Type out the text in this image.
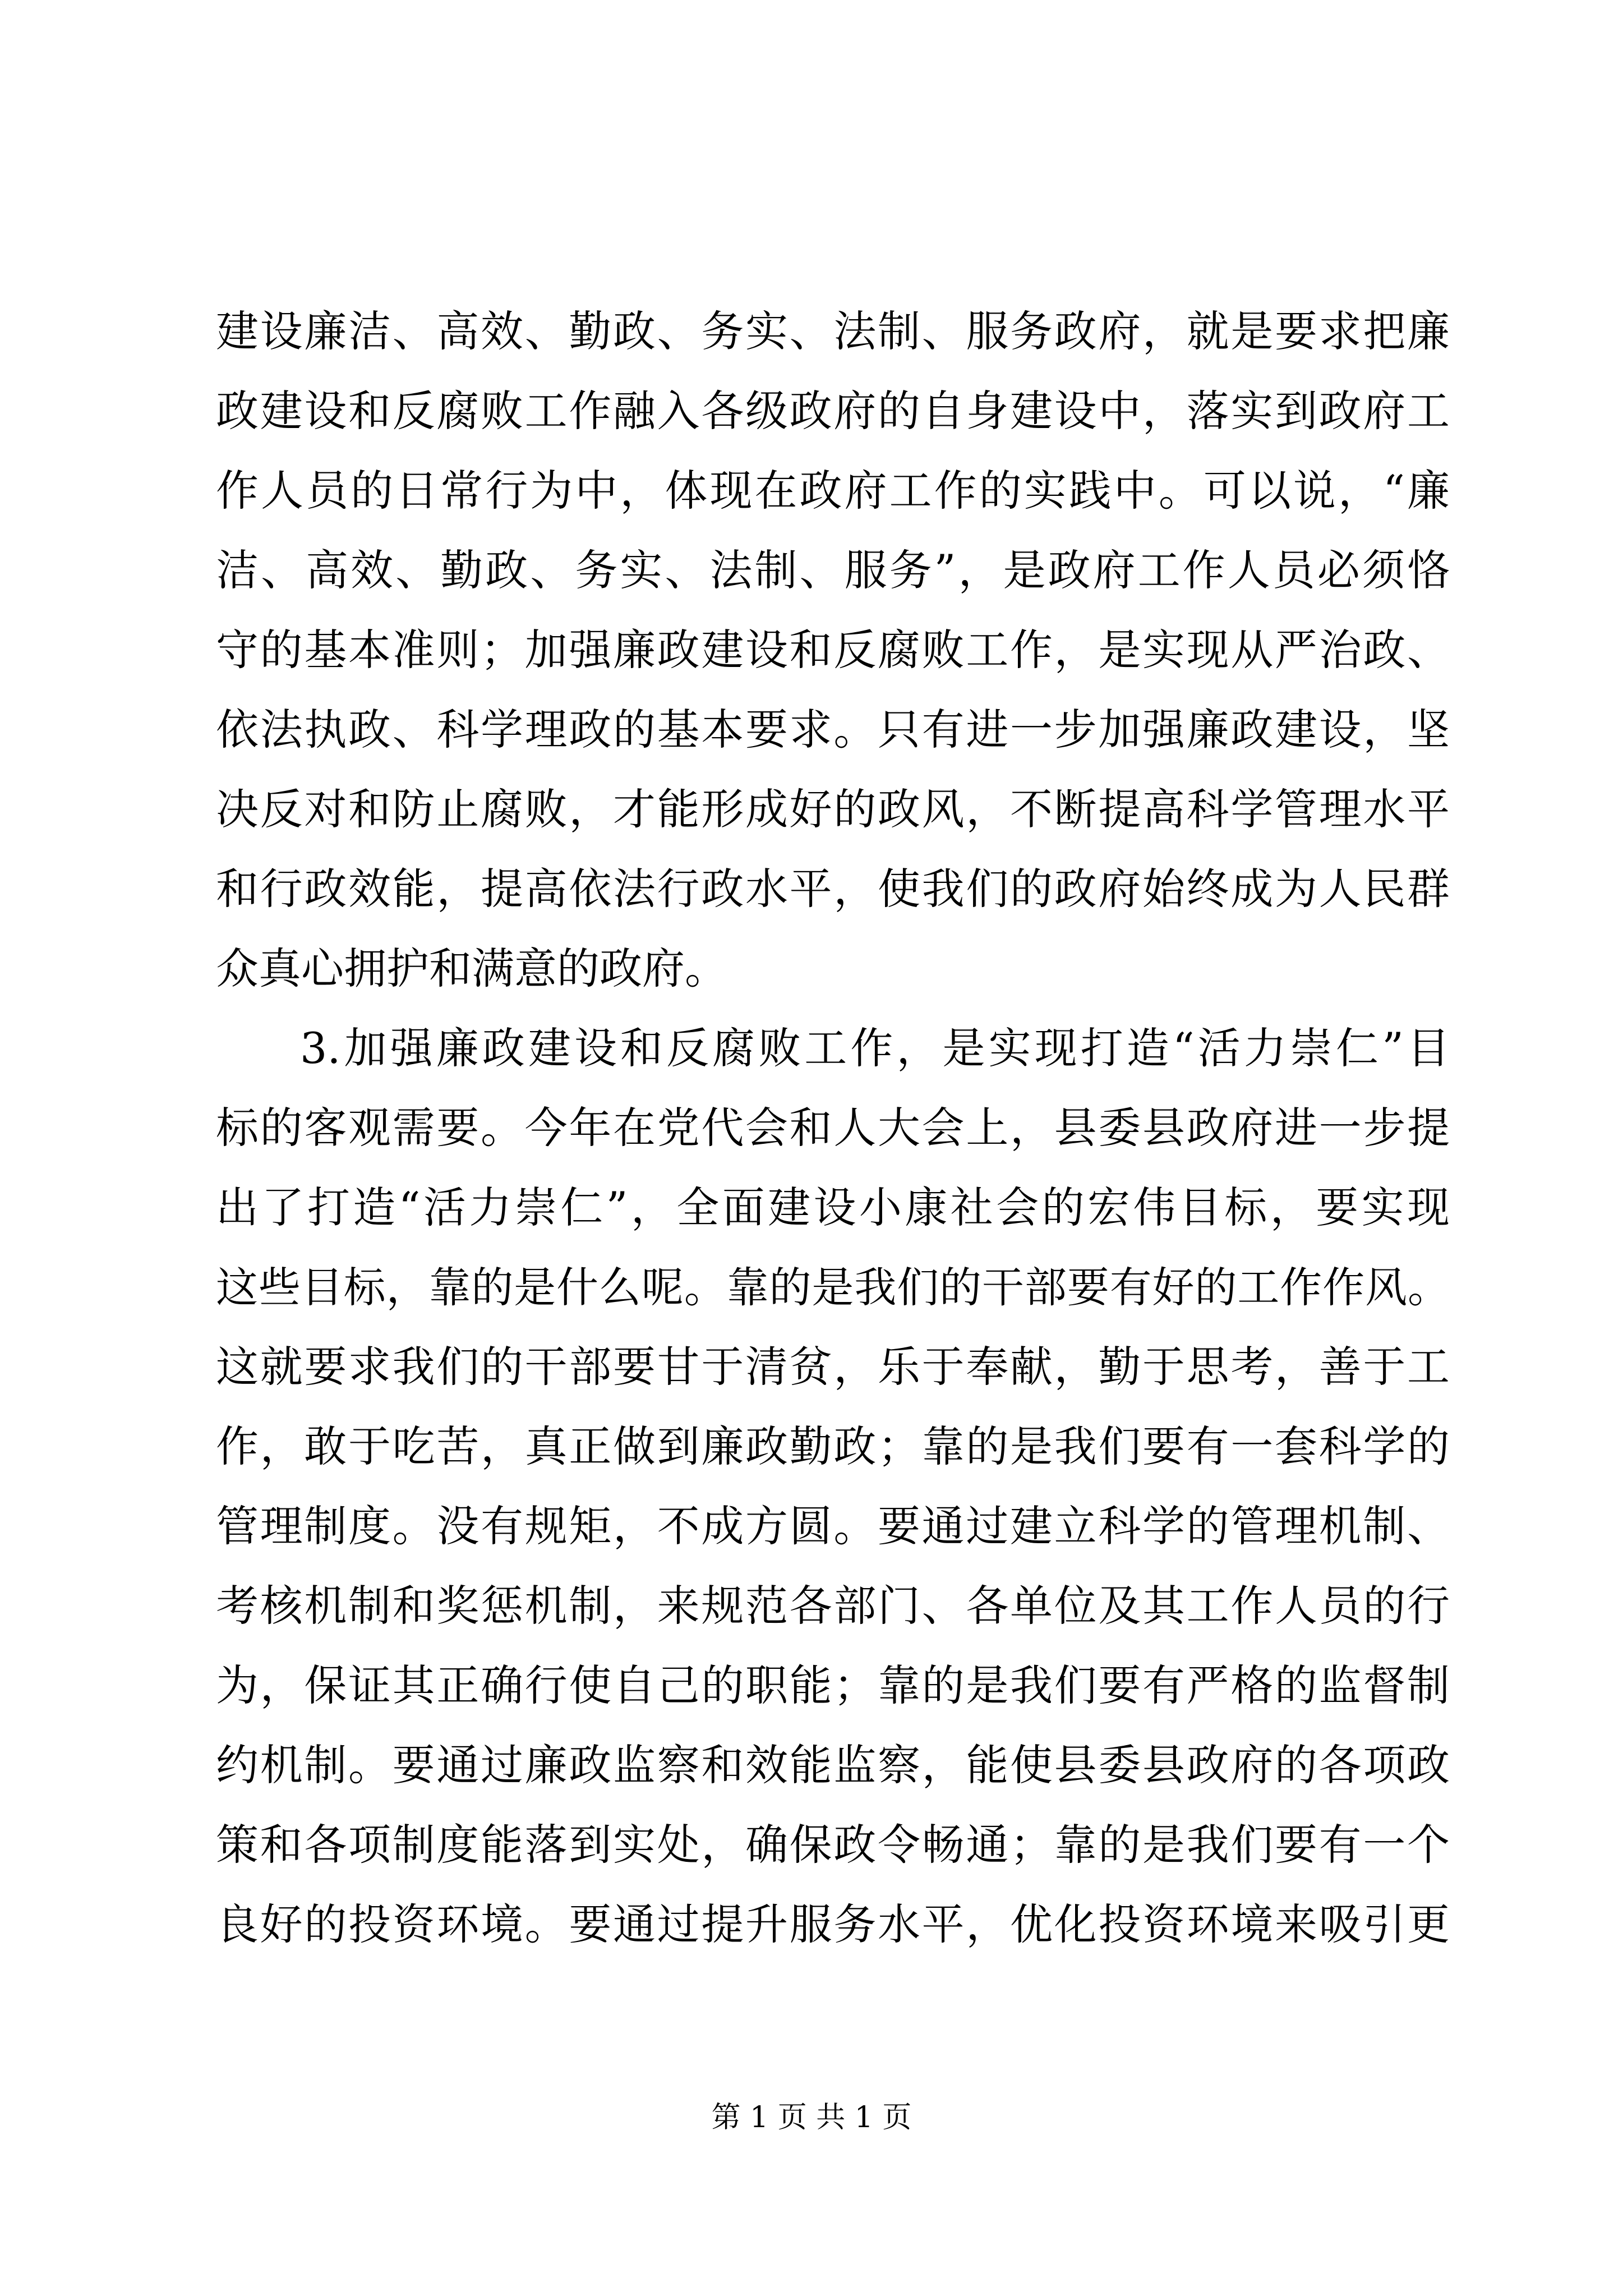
建设廉洁、高效、勤政、务实、法制、服务政府，就是要求把廉
政建设和反腐败工作融入各级政府的自身建设中，落实到政府工
作人员的日常行为中，体现在政府工作的实践中。可以说，“廉
洁、高效、勤政、务实、法制、服务”，是政府工作人员必须恪
守的基本准则；加强廉政建设和反腐败工作，是实现从严治政、
依法执政、科学理政的基本要求。只有进一步加强廉政建设，坚
决反对和防止腐败，才能形成好的政风，不断提高科学管理水平
和行政效能，提高依法行政水平，使我们的政府始终成为人民群
众真心拥护和满意的政府。
3.加强廉政建设和反腐败工作，是实现打造“活力崇仁”目
标的客观需要。今年在党代会和人大会上，县委县政府进一步提
出了打造“活力崇仁”，全面建设小康社会的宏伟目标，要实现
这些目标，靠的是什么呢。靠的是我们的干部要有好的工作作风。
这就要求我们的干部要甘于清贫，乐于奉献，勤于思考，善于工
作，敢于吃苦，真正做到廉政勤政；靠的是我们要有一套科学的
管理制度。没有规矩，不成方圆。要通过建立科学的管理机制、
考核机制和奖惩机制，来规范各部门、各单位及其工作人员的行
为，保证其正确行使自己的职能；靠的是我们要有严格的监督制
约机制。要通过廉政监察和效能监察，能使县委县政府的各项政
策和各项制度能落到实处，确保政令畅通；靠的是我们要有一个
良好的投资环境。要通过提升服务水平，优化投资环境来吸引更
第 1 页 共 1 页
